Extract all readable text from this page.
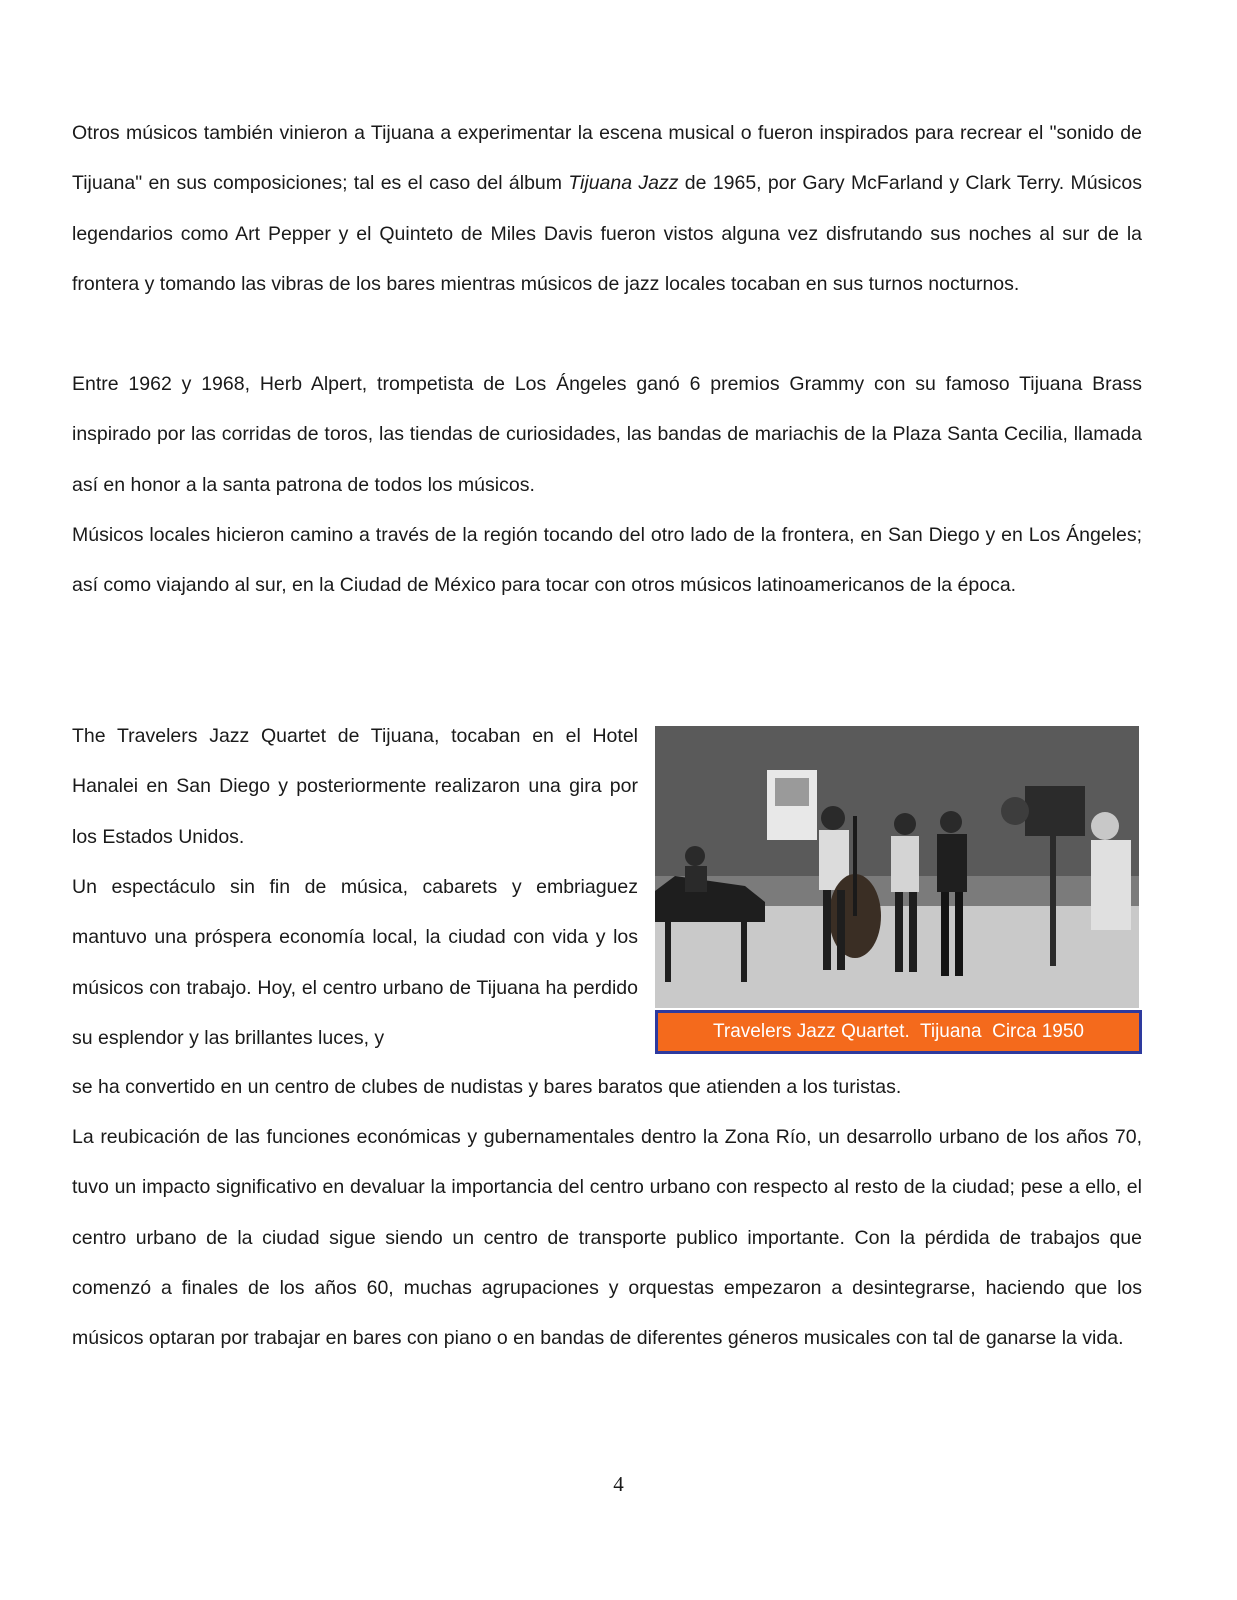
Otros músicos también vinieron a Tijuana a experimentar la escena musical o fueron inspirados para recrear el "sonido de Tijuana" en sus composiciones; tal es el caso del álbum Tijuana Jazz de 1965, por Gary McFarland y Clark Terry. Músicos legendarios como Art Pepper y el Quinteto de Miles Davis fueron vistos alguna vez disfrutando sus noches al sur de la frontera y tomando las vibras de los bares mientras músicos de jazz locales tocaban en sus turnos nocturnos.

Entre 1962 y 1968, Herb Alpert, trompetista de Los Ángeles ganó 6 premios Grammy con su famoso Tijuana Brass inspirado por las corridas de toros, las tiendas de curiosidades, las bandas de mariachis de la Plaza Santa Cecilia, llamada así en honor a la santa patrona de todos los músicos.

Músicos locales hicieron camino a través de la región tocando del otro lado de la frontera, en San Diego y en Los Ángeles; así como viajando al sur, en la Ciudad de México para tocar con otros músicos latinoamericanos de la época.

The Travelers Jazz Quartet de Tijuana, tocaban en el Hotel Hanalei en San Diego y posteriormente realizaron una gira por los Estados Unidos.

Un espectáculo sin fin de música, cabarets y embriaguez mantuvo una próspera economía local, la ciudad con vida y los músicos con trabajo. Hoy, el centro urbano de Tijuana ha perdido su esplendor y las brillantes luces, y

se ha convertido en un centro de clubes de nudistas y bares baratos que atienden a los turistas.

La reubicación de las funciones económicas y gubernamentales dentro la Zona Río, un desarrollo urbano de los años 70, tuvo un impacto significativo en devaluar la importancia del centro urbano con respecto al resto de la ciudad; pese a ello, el centro urbano de la ciudad sigue siendo un centro de transporte publico importante. Con la pérdida de trabajos que comenzó a finales de los años 60, muchas agrupaciones y orquestas empezaron a desintegrarse, haciendo que los músicos optaran por trabajar en bares con piano o en bandas de diferentes géneros musicales con tal de ganarse la vida.

Travelers Jazz Quartet.  Tijuana  Circa 1950
4
